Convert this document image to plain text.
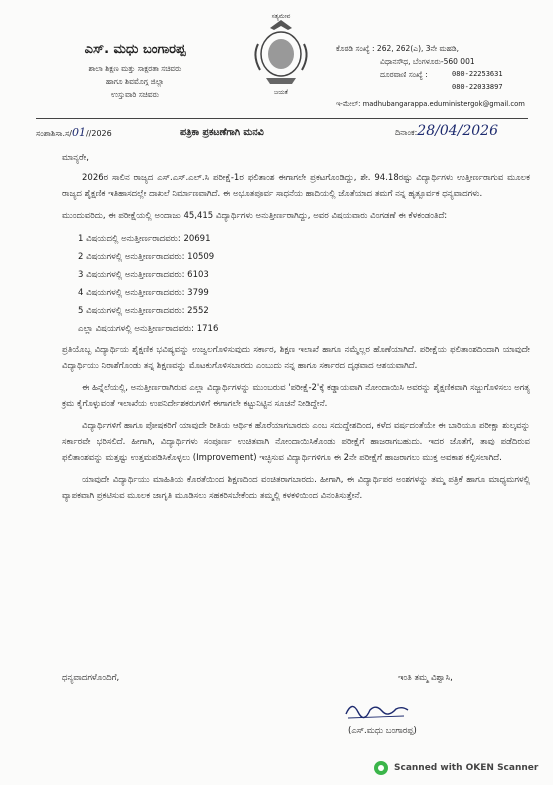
ಎಸ್. ಮಧು ಬಂಗಾರಪ್ಪ
ಶಾಲಾ ಶಿಕ್ಷಣ ಮತ್ತು ಸಾಕ್ಷರತಾ ಸಚಿವರು
ಹಾಗೂ ಶಿವಮೊಗ್ಗ ಜಿಲ್ಲಾ
ಉಸ್ತುವಾರಿ ಸಚಿವರು
ಸತ್ಯಮೇವ
ಜಯತೆ
ಕೊಠಡಿ ಸಂಖ್ಯೆ : 262, 262(ಎ), 3ನೇ ಮಹಡಿ,
ವಿಧಾನಸೌಧ, ಬೆಂಗಳೂರು-560 001
ದೂರವಾಣಿ ಸಂಖ್ಯೆ :	080-22253631
080-22033897
ಇ-ಮೇಲ್: madhubangarappa.eduministergok@gmail.com
ಸಂಶಾಶಿಸಾ.ಸ/01//2026	ಪತ್ರಿಕಾ ಪ್ರಕಟಣೆಗಾಗಿ ಮನವಿ	ದಿನಾಂಕ:28/04/2026
ಮಾನ್ಯರೇ,

2026ರ ಸಾಲಿನ ರಾಜ್ಯದ ಎಸ್.ಎಸ್.ಎಲ್.ಸಿ ಪರೀಕ್ಷೆ-1ರ ಫಲಿತಾಂಶ ಈಗಾಗಲೇ ಪ್ರಕಟಗೊಂಡಿದ್ದು, ಶೇ. 94.18ರಷ್ಟು ವಿದ್ಯಾರ್ಥಿಗಳು ಉತ್ತೀರ್ಣರಾಗುವ ಮೂಲಕ ರಾಜ್ಯದ ಶೈಕ್ಷಣಿಕ ಇತಿಹಾಸದಲ್ಲೇ ದಾಖಲೆ ನಿರ್ಮಾಣವಾಗಿದೆ. ಈ ಅಭೂತಪೂರ್ವ ಸಾಧನೆಯ ಹಾದಿಯಲ್ಲಿ ಜೊತೆಯಾದ ತಮಗೆ ನನ್ನ ಹೃತ್ಪೂರ್ವಕ ಧನ್ಯವಾದಗಳು.

ಮುಂದುವರಿದು, ಈ ಪರೀಕ್ಷೆಯಲ್ಲಿ ಅಂದಾಜು 45,415 ವಿದ್ಯಾರ್ಥಿಗಳು ಅನುತ್ತೀರ್ಣರಾಗಿದ್ದು, ಅವರ ವಿಷಯವಾರು ವಿಂಗಡಣೆ ಈ ಕೆಳಕಂಡಂತಿದೆ:

1 ವಿಷಯದಲ್ಲಿ ಅನುತ್ತೀರ್ಣರಾದವರು: 20691
2 ವಿಷಯಗಳಲ್ಲಿ ಅನುತ್ತೀರ್ಣರಾದವರು: 10509
3 ವಿಷಯಗಳಲ್ಲಿ ಅನುತ್ತೀರ್ಣರಾದವರು: 6103
4 ವಿಷಯಗಳಲ್ಲಿ ಅನುತ್ತೀರ್ಣರಾದವರು: 3799
5 ವಿಷಯಗಳಲ್ಲಿ ಅನುತ್ತೀರ್ಣರಾದವರು: 2552
ಎಲ್ಲಾ ವಿಷಯಗಳಲ್ಲಿ ಅನುತ್ತೀರ್ಣರಾದವರು: 1716

ಪ್ರತಿಯೊಬ್ಬ ವಿದ್ಯಾರ್ಥಿಯ ಶೈಕ್ಷಣಿಕ ಭವಿಷ್ಯವನ್ನು ಉಜ್ವಲಗೊಳಿಸುವುದು ಸರ್ಕಾರ, ಶಿಕ್ಷಣ ಇಲಾಖೆ ಹಾಗೂ ನಮ್ಮೆಲ್ಲರ ಹೊಣೆಯಾಗಿದೆ. ಪರೀಕ್ಷೆಯ ಫಲಿತಾಂಶದಿಂದಾಗಿ ಯಾವುದೇ ವಿದ್ಯಾರ್ಥಿಯು ನಿರಾಶೆಗೊಂಡು ತನ್ನ ಶಿಕ್ಷಣವನ್ನು ಮೊಟಕುಗೊಳಿಸಬಾರದು ಎಂಬುದು ನನ್ನ ಹಾಗೂ ಸರ್ಕಾರದ ದೃಢವಾದ ಆಶಯವಾಗಿದೆ.

ಈ ಹಿನ್ನೆಲೆಯಲ್ಲಿ, ಅನುತ್ತೀರ್ಣರಾಗಿರುವ ಎಲ್ಲಾ ವಿದ್ಯಾರ್ಥಿಗಳನ್ನು ಮುಂಬರುವ 'ಪರೀಕ್ಷೆ-2'ಕ್ಕೆ ಕಡ್ಡಾಯವಾಗಿ ನೋಂದಾಯಿಸಿ ಅವರನ್ನು ಶೈಕ್ಷಣಿಕವಾಗಿ ಸಜ್ಜುಗೊಳಿಸಲು ಅಗತ್ಯ ಕ್ರಮ ಕೈಗೊಳ್ಳುವಂತೆ ಇಲಾಖೆಯ ಉಪನಿರ್ದೇಶಕರುಗಳಿಗೆ ಈಗಾಗಲೇ ಕಟ್ಟುನಿಟ್ಟಿನ ಸೂಚನೆ ನೀಡಿದ್ದೇನೆ.

ವಿದ್ಯಾರ್ಥಿಗಳಿಗೆ ಹಾಗೂ ಪೋಷಕರಿಗೆ ಯಾವುದೇ ರೀತಿಯ ಆರ್ಥಿಕ ಹೊರೆಯಾಗಬಾರದು ಎಂಬ ಸದುದ್ದೇಶದಿಂದ, ಕಳೆದ ವರ್ಷದಂತೆಯೇ ಈ ಬಾರಿಯೂ ಪರೀಕ್ಷಾ ಶುಲ್ಕವನ್ನು ಸರ್ಕಾರವೇ ಭರಿಸಲಿದೆ. ಹೀಗಾಗಿ, ವಿದ್ಯಾರ್ಥಿಗಳು ಸಂಪೂರ್ಣ ಉಚಿತವಾಗಿ ನೋಂದಾಯಿಸಿಕೊಂಡು ಪರೀಕ್ಷೆಗೆ ಹಾಜರಾಗಬಹುದು. ಇದರ ಜೊತೆಗೆ, ತಾವು ಪಡೆದಿರುವ ಫಲಿತಾಂಶವನ್ನು ಮತ್ತಷ್ಟು ಉತ್ತಮಪಡಿಸಿಕೊಳ್ಳಲು (Improvement) ಇಚ್ಛಿಸುವ ವಿದ್ಯಾರ್ಥಿಗಳಿಗೂ ಈ 2ನೇ ಪರೀಕ್ಷೆಗೆ ಹಾಜರಾಗಲು ಮುಕ್ತ ಅವಕಾಶ ಕಲ್ಪಿಸಲಾಗಿದೆ.

ಯಾವುದೇ ವಿದ್ಯಾರ್ಥಿಯು ಮಾಹಿತಿಯ ಕೊರತೆಯಿಂದ ಶಿಕ್ಷಣದಿಂದ ವಂಚಿತರಾಗಬಾರದು. ಹೀಗಾಗಿ, ಈ ವಿದ್ಯಾರ್ಥಿಪರ ಅಂಶಗಳನ್ನು ತಮ್ಮ ಪತ್ರಿಕೆ ಹಾಗೂ ಮಾಧ್ಯಮಗಳಲ್ಲಿ ವ್ಯಾಪಕವಾಗಿ ಪ್ರಕಟಿಸುವ ಮೂಲಕ ಜಾಗೃತಿ ಮೂಡಿಸಲು ಸಹಕರಿಸಬೇಕೆಂದು ತಮ್ಮಲ್ಲಿ ಕಳಕಳಿಯಿಂದ ವಿನಂತಿಸುತ್ತೇನೆ.

ಧನ್ಯವಾದಗಳೊಂದಿಗೆ,	ಇಂತಿ ತಮ್ಮ ವಿಶ್ವಾಸಿ,
(ಎಸ್.ಮಧು ಬಂಗಾರಪ್ಪ)
Scanned with OKEN Scanner
